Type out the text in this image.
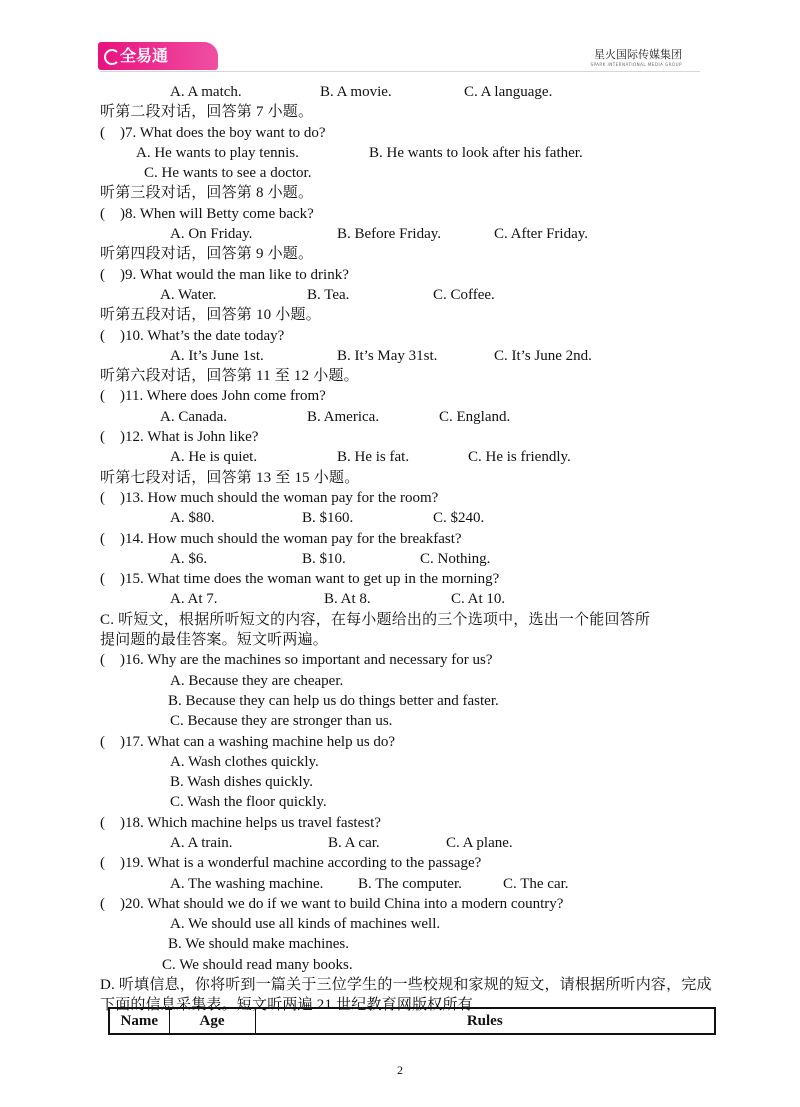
全易通	星火国际传媒集团
SPARK INTERNATIONAL MEDIA GROUP
A. A match.	B. A movie.	C. A language.
听第二段对话，回答第 7 小题。
( )7. What does the boy want to do?
A. He wants to play tennis.	B. He wants to look after his father.
C. He wants to see a doctor.
听第三段对话，回答第 8 小题。
( )8. When will Betty come back?
A. On Friday.	B. Before Friday.	C. After Friday.
听第四段对话，回答第 9 小题。
( )9. What would the man like to drink?
A. Water.	B. Tea.	C. Coffee.
听第五段对话，回答第 10 小题。
( )10. What’s the date today?
A. It’s June 1st.	B. It’s May 31st.	C. It’s June 2nd.
听第六段对话，回答第 11 至 12 小题。
( )11. Where does John come from?
A. Canada.	B. America.	C. England.
( )12. What is John like?
A. He is quiet.	B. He is fat.	C. He is friendly.
听第七段对话，回答第 13 至 15 小题。
( )13. How much should the woman pay for the room?
A. $80.	B. $160.	C. $240.
( )14. How much should the woman pay for the breakfast?
A. $6.	B. $10.	C. Nothing.
( )15. What time does the woman want to get up in the morning?
A. At 7.	B. At 8.	C. At 10.
C. 听短文，根据所听短文的内容，在每小题给出的三个选项中，选出一个能回答所
提问题的最佳答案。短文听两遍。
( )16. Why are the machines so important and necessary for us?
A. Because they are cheaper.
B. Because they can help us do things better and faster.
C. Because they are stronger than us.
( )17. What can a washing machine help us do?
A. Wash clothes quickly.
B. Wash dishes quickly.
C. Wash the floor quickly.
( )18. Which machine helps us travel fastest?
A. A train.	B. A car.	C. A plane.
( )19. What is a wonderful machine according to the passage?
A. The washing machine. B. The computer.	C. The car.
( )20. What should we do if we want to build China into a modern country?
A. We should use all kinds of machines well.
B. We should make machines.
C. We should read many books.
D. 听填信息，你将听到一篇关于三位学生的一些校规和家规的短文，请根据所听内容，完成
下面的信息采集表。短文听两遍.21 世纪教育网版权所有
Name	Age	Rules
2
